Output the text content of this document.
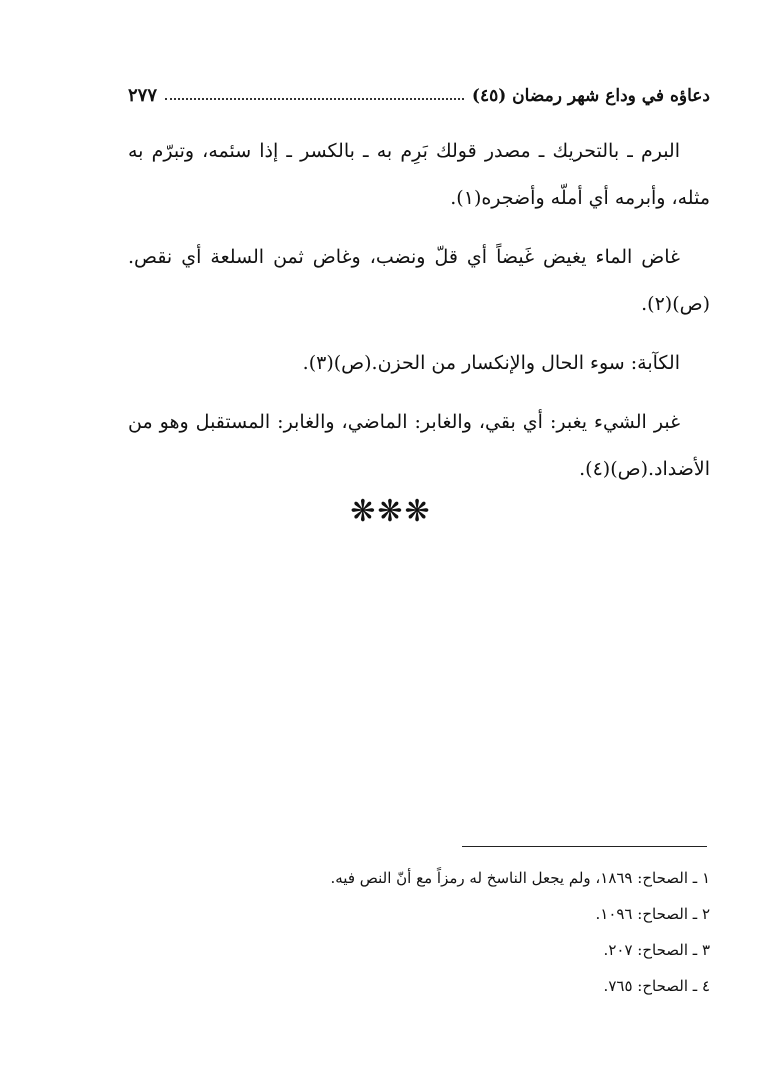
دعاؤه في وداع شهر رمضان (٤٥)
٢٧٧

البرم ـ بالتحريك ـ مصدر قولك بَرِم به ـ بالكسر ـ إذا سئمه، وتبرّم به مثله، وأبرمه أي أملّه وأضجره(١).

غاض الماء يغيض غَيضاً أي قلّ ونضب، وغاض ثمن السلعة أي نقص.(ص)(٢).

الكآبة: سوء الحال والإنكسار من الحزن.(ص)(٣).

غبر الشيء يغبر: أي بقي، والغابر: الماضي، والغابر: المستقبل وهو من الأضداد.(ص)(٤).

❋❋❋

١ ـ الصحاح: ١٨٦٩، ولم يجعل الناسخ له رمزاً مع أنّ النص فيه.

٢ ـ الصحاح: ١٠٩٦.

٣ ـ الصحاح: ٢٠٧.

٤ ـ الصحاح: ٧٦٥.
